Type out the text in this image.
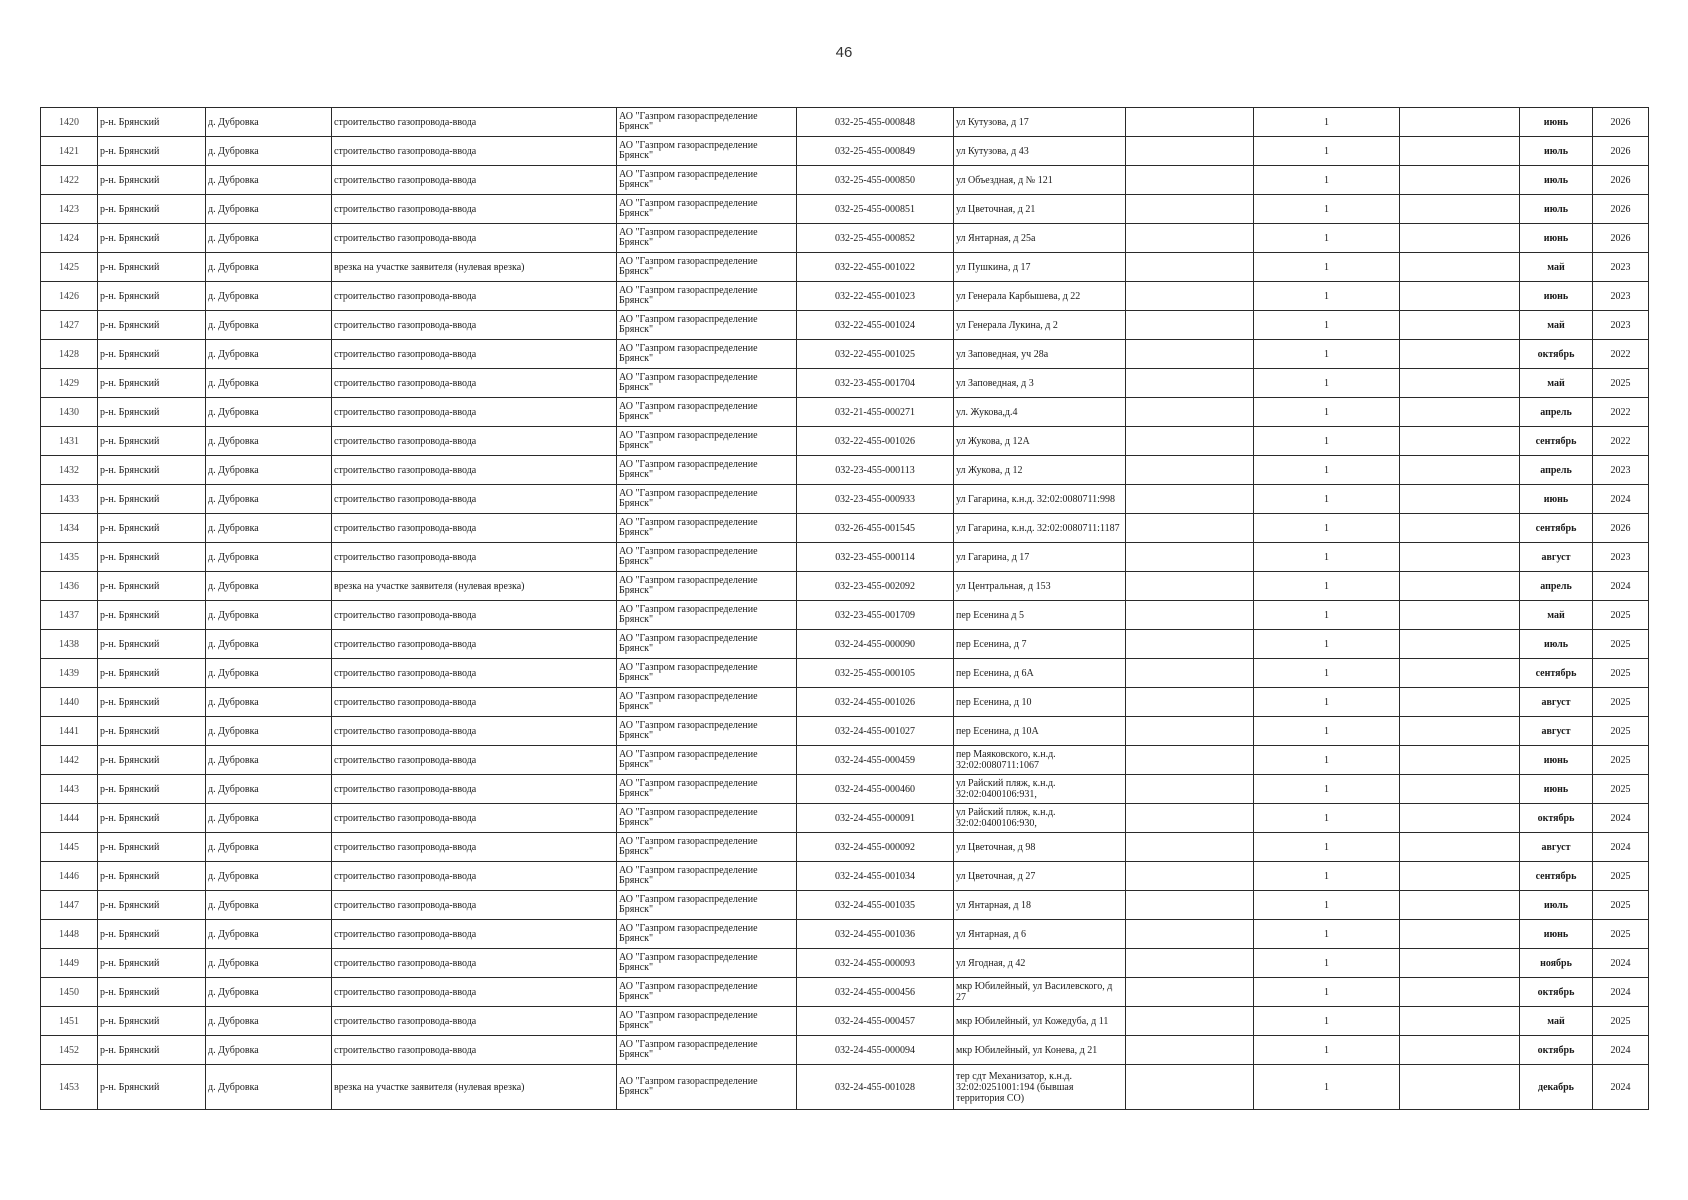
46
1420	р-н. Брянский	д. Дубровка	строительство газопровода-ввода	АО "Газпром газораспределение Брянск"	032-25-455-000848	ул Кутузова, д 17		1		июнь	2026
1421	р-н. Брянский	д. Дубровка	строительство газопровода-ввода	АО "Газпром газораспределение Брянск"	032-25-455-000849	ул Кутузова, д 43		1		июль	2026
1422	р-н. Брянский	д. Дубровка	строительство газопровода-ввода	АО "Газпром газораспределение Брянск"	032-25-455-000850	ул Объездная, д № 121		1		июль	2026
1423	р-н. Брянский	д. Дубровка	строительство газопровода-ввода	АО "Газпром газораспределение Брянск"	032-25-455-000851	ул Цветочная, д 21		1		июль	2026
1424	р-н. Брянский	д. Дубровка	строительство газопровода-ввода	АО "Газпром газораспределение Брянск"	032-25-455-000852	ул Янтарная, д 25а		1		июнь	2026
1425	р-н. Брянский	д. Дубровка	врезка на участке заявителя (нулевая врезка)	АО "Газпром газораспределение Брянск"	032-22-455-001022	ул Пушкина, д 17		1		май	2023
1426	р-н. Брянский	д. Дубровка	строительство газопровода-ввода	АО "Газпром газораспределение Брянск"	032-22-455-001023	ул Генерала Карбышева, д 22		1		июнь	2023
1427	р-н. Брянский	д. Дубровка	строительство газопровода-ввода	АО "Газпром газораспределение Брянск"	032-22-455-001024	ул Генерала Лукина, д 2		1		май	2023
1428	р-н. Брянский	д. Дубровка	строительство газопровода-ввода	АО "Газпром газораспределение Брянск"	032-22-455-001025	ул Заповедная, уч 28а		1		октябрь	2022
1429	р-н. Брянский	д. Дубровка	строительство газопровода-ввода	АО "Газпром газораспределение Брянск"	032-23-455-001704	ул Заповедная, д 3		1		май	2025
1430	р-н. Брянский	д. Дубровка	строительство газопровода-ввода	АО "Газпром газораспределение Брянск"	032-21-455-000271	ул. Жукова,д.4		1		апрель	2022
1431	р-н. Брянский	д. Дубровка	строительство газопровода-ввода	АО "Газпром газораспределение Брянск"	032-22-455-001026	ул Жукова, д 12А		1		сентябрь	2022
1432	р-н. Брянский	д. Дубровка	строительство газопровода-ввода	АО "Газпром газораспределение Брянск"	032-23-455-000113	ул Жукова, д 12		1		апрель	2023
1433	р-н. Брянский	д. Дубровка	строительство газопровода-ввода	АО "Газпром газораспределение Брянск"	032-23-455-000933	ул Гагарина, к.н.д. 32:02:0080711:998		1		июнь	2024
1434	р-н. Брянский	д. Дубровка	строительство газопровода-ввода	АО "Газпром газораспределение Брянск"	032-26-455-001545	ул Гагарина, к.н.д. 32:02:0080711:1187		1		сентябрь	2026
1435	р-н. Брянский	д. Дубровка	строительство газопровода-ввода	АО "Газпром газораспределение Брянск"	032-23-455-000114	ул Гагарина, д 17		1		август	2023
1436	р-н. Брянский	д. Дубровка	врезка на участке заявителя (нулевая врезка)	АО "Газпром газораспределение Брянск"	032-23-455-002092	ул Центральная, д 153		1		апрель	2024
1437	р-н. Брянский	д. Дубровка	строительство газопровода-ввода	АО "Газпром газораспределение Брянск"	032-23-455-001709	пер Есенина д 5		1		май	2025
1438	р-н. Брянский	д. Дубровка	строительство газопровода-ввода	АО "Газпром газораспределение Брянск"	032-24-455-000090	пер Есенина, д 7		1		июль	2025
1439	р-н. Брянский	д. Дубровка	строительство газопровода-ввода	АО "Газпром газораспределение Брянск"	032-25-455-000105	пер Есенина, д 6А		1		сентябрь	2025
1440	р-н. Брянский	д. Дубровка	строительство газопровода-ввода	АО "Газпром газораспределение Брянск"	032-24-455-001026	пер Есенина, д 10		1		август	2025
1441	р-н. Брянский	д. Дубровка	строительство газопровода-ввода	АО "Газпром газораспределение Брянск"	032-24-455-001027	пер Есенина, д 10А		1		август	2025
1442	р-н. Брянский	д. Дубровка	строительство газопровода-ввода	АО "Газпром газораспределение Брянск"	032-24-455-000459	пер Маяковского, к.н.д. 32:02:0080711:1067		1		июнь	2025
1443	р-н. Брянский	д. Дубровка	строительство газопровода-ввода	АО "Газпром газораспределение Брянск"	032-24-455-000460	ул Райский пляж, к.н.д. 32:02:0400106:931,		1		июнь	2025
1444	р-н. Брянский	д. Дубровка	строительство газопровода-ввода	АО "Газпром газораспределение Брянск"	032-24-455-000091	ул Райский пляж, к.н.д. 32:02:0400106:930,		1		октябрь	2024
1445	р-н. Брянский	д. Дубровка	строительство газопровода-ввода	АО "Газпром газораспределение Брянск"	032-24-455-000092	ул Цветочная, д 98		1		август	2024
1446	р-н. Брянский	д. Дубровка	строительство газопровода-ввода	АО "Газпром газораспределение Брянск"	032-24-455-001034	ул Цветочная, д 27		1		сентябрь	2025
1447	р-н. Брянский	д. Дубровка	строительство газопровода-ввода	АО "Газпром газораспределение Брянск"	032-24-455-001035	ул Янтарная, д 18		1		июль	2025
1448	р-н. Брянский	д. Дубровка	строительство газопровода-ввода	АО "Газпром газораспределение Брянск"	032-24-455-001036	ул Янтарная, д 6		1		июнь	2025
1449	р-н. Брянский	д. Дубровка	строительство газопровода-ввода	АО "Газпром газораспределение Брянск"	032-24-455-000093	ул Ягодная, д 42		1		ноябрь	2024
1450	р-н. Брянский	д. Дубровка	строительство газопровода-ввода	АО "Газпром газораспределение Брянск"	032-24-455-000456	мкр Юбилейный, ул Василевского, д 27		1		октябрь	2024
1451	р-н. Брянский	д. Дубровка	строительство газопровода-ввода	АО "Газпром газораспределение Брянск"	032-24-455-000457	мкр Юбилейный, ул Кожедуба, д 11		1		май	2025
1452	р-н. Брянский	д. Дубровка	строительство газопровода-ввода	АО "Газпром газораспределение Брянск"	032-24-455-000094	мкр Юбилейный, ул Конева, д 21		1		октябрь	2024
1453	р-н. Брянский	д. Дубровка	врезка на участке заявителя (нулевая врезка)	АО "Газпром газораспределение Брянск"	032-24-455-001028	тер сдт Механизатор, к.н.д. 32:02:0251001:194 (бывшая территория СО)		1		декабрь	2024
